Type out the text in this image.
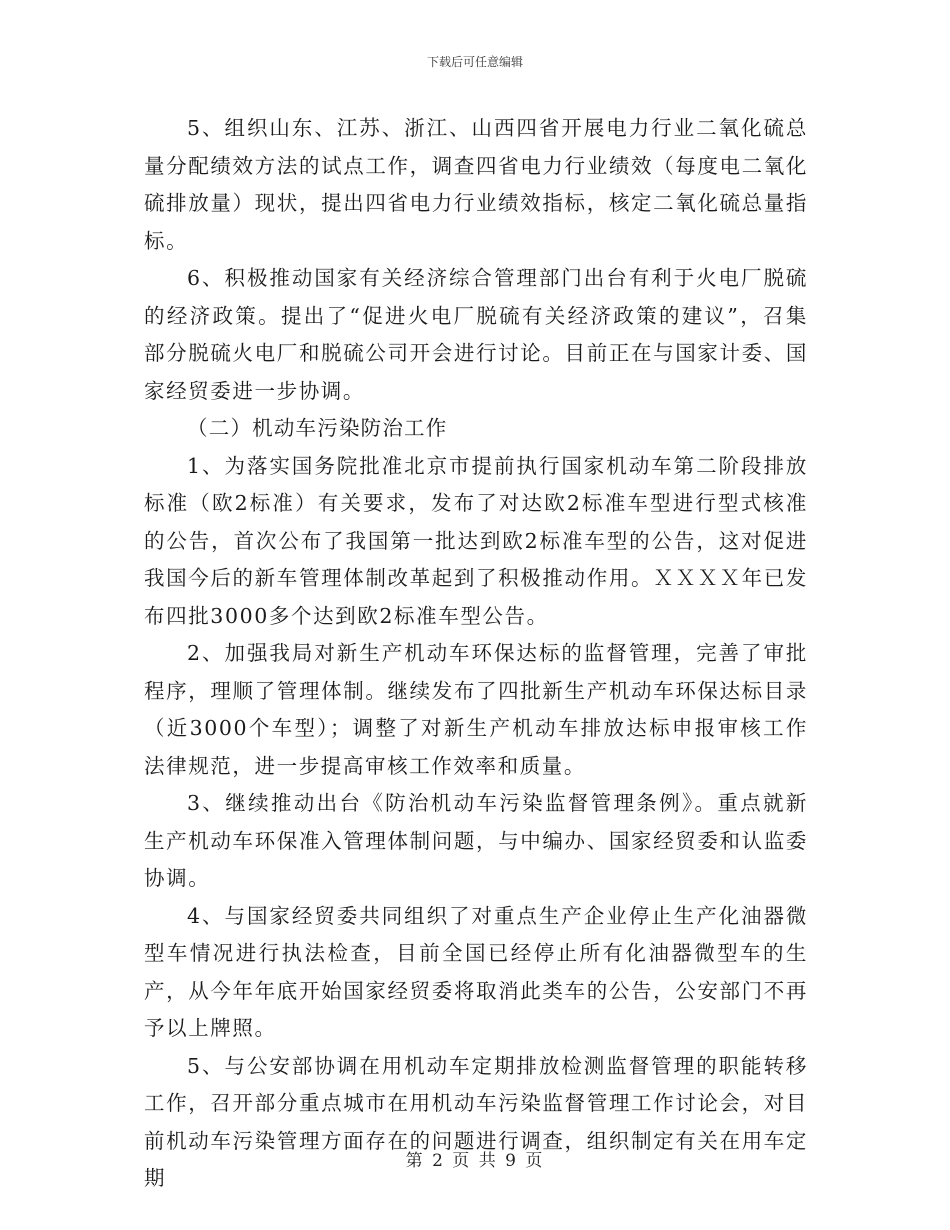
下载后可任意编辑

5、组织山东、江苏、浙江、山西四省开展电力行业二氧化硫总量分配绩效方法的试点工作，调查四省电力行业绩效（每度电二氧化硫排放量）现状，提出四省电力行业绩效指标，核定二氧化硫总量指标。

6、积极推动国家有关经济综合管理部门出台有利于火电厂脱硫的经济政策。提出了“促进火电厂脱硫有关经济政策的建议”，召集部分脱硫火电厂和脱硫公司开会进行讨论。目前正在与国家计委、国家经贸委进一步协调。

（二）机动车污染防治工作

1、为落实国务院批准北京市提前执行国家机动车第二阶段排放标准（欧2标准）有关要求，发布了对达欧2标准车型进行型式核准的公告，首次公布了我国第一批达到欧2标准车型的公告，这对促进我国今后的新车管理体制改革起到了积极推动作用。ＸＸＸＸ年已发布四批3000多个达到欧2标准车型公告。

2、加强我局对新生产机动车环保达标的监督管理，完善了审批程序，理顺了管理体制。继续发布了四批新生产机动车环保达标目录（近3000个车型）；调整了对新生产机动车排放达标申报审核工作法律规范，进一步提高审核工作效率和质量。

3、继续推动出台《防治机动车污染监督管理条例》。重点就新生产机动车环保准入管理体制问题，与中编办、国家经贸委和认监委协调。

4、与国家经贸委共同组织了对重点生产企业停止生产化油器微型车情况进行执法检查，目前全国已经停止所有化油器微型车的生产，从今年年底开始国家经贸委将取消此类车的公告，公安部门不再予以上牌照。

5、与公安部协调在用机动车定期排放检测监督管理的职能转移工作，召开部分重点城市在用机动车污染监督管理工作讨论会，对目前机动车污染管理方面存在的问题进行调查，组织制定有关在用车定期

第 2 页 共 9 页
